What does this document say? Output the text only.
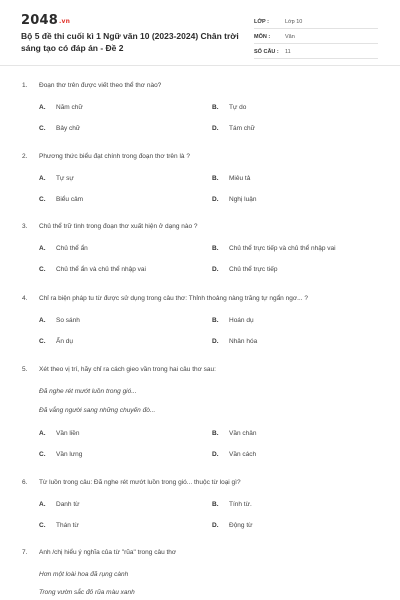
2048.vn
Bộ 5 đề thi cuối kì 1 Ngữ văn 10 (2023-2024) Chân trời sáng tạo có đáp án - Đề 2
LỚP :	Lớp 10
MÔN :	Văn
SỐ CÂU : 11
1. Đoạn thơ trên được viết theo thể thơ nào?
A. Năm chữ	B. Tự do
C. Bảy chữ	D. Tám chữ
2. Phương thức biểu đạt chính trong đoạn thơ trên là ?
A. Tự sự	B. Miêu tả
C. Biểu cảm	D. Nghị luận
3. Chủ thể trữ tình trong đoạn thơ xuất hiện ở dạng nào ?
A. Chủ thể ẩn	B. Chủ thể trực tiếp và chủ thể nhập vai
C. Chủ thể ẩn và chủ thể nhập vai	D. Chủ thể trực tiếp
4. Chỉ ra biện pháp tu từ được sử dụng trong câu thơ: Thỉnh thoảng nàng trăng tự ngẩn ngơ... ?
A. So sánh	B. Hoán dụ
C. Ẩn dụ	D. Nhân hóa
5. Xét theo vị trí, hãy chỉ ra cách gieo vần trong hai câu thơ sau:
Đã nghe rét mướt luồn trong gió...
Đã vắng người sang những chuyến đò...
A. Vần liền	B. Vần chân
C. Vần lưng	D. Vần cách
6. Từ luồn trong câu: Đã nghe rét mướt luồn trong gió... thuộc từ loại gì?
A. Danh từ	B. Tính từ.
C. Thán từ	D. Động từ
7. Anh /chị hiểu ý nghĩa của từ "rũa" trong câu thơ
Hơn một loài hoa đã rụng cành
Trong vườn sắc đỏ rũa màu xanh
